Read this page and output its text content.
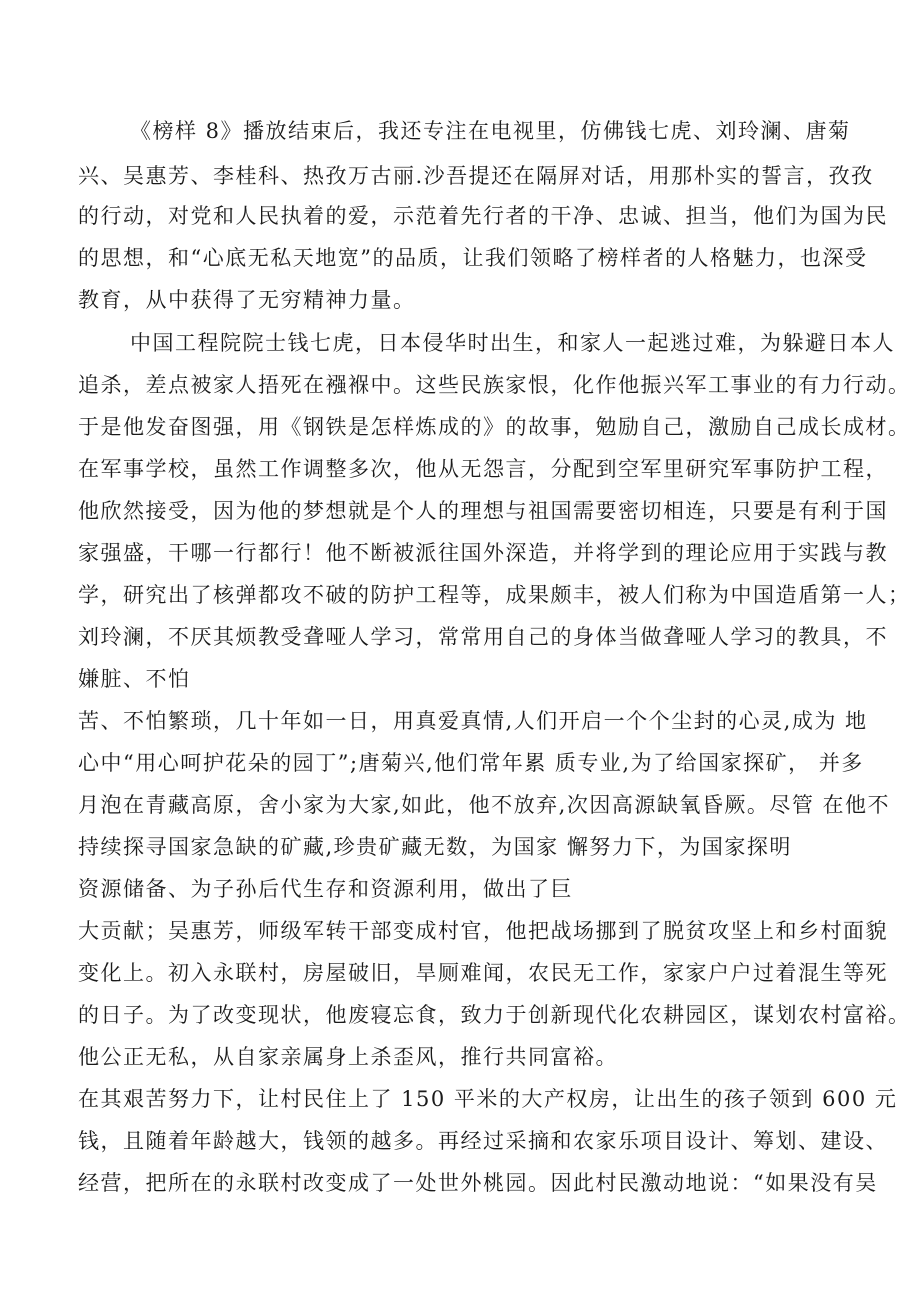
《榜样 8》播放结束后，我还专注在电视里，仿佛钱七虎、刘玲澜、唐菊
兴、吴惠芳、李桂科、热孜万古丽.沙吾提还在隔屏对话，用那朴实的誓言，孜孜
的行动，对党和人民执着的爱，示范着先行者的干净、忠诚、担当，他们为国为民
的思想，和“心底无私天地宽”的品质，让我们领略了榜样者的人格魅力，也深受
教育，从中获得了无穷精神力量。
中国工程院院士钱七虎，日本侵华时出生，和家人一起逃过难，为躲避日本人
追杀，差点被家人捂死在襁褓中。这些民族家恨，化作他振兴军工事业的有力行动。
于是他发奋图强，用《钢铁是怎样炼成的》的故事，勉励自己，激励自己成长成材。
在军事学校，虽然工作调整多次，他从无怨言，分配到空军里研究军事防护工程，
他欣然接受，因为他的梦想就是个人的理想与祖国需要密切相连，只要是有利于国
家强盛，干哪一行都行！他不断被派往国外深造，并将学到的理论应用于实践与教
学，研究出了核弹都攻不破的防护工程等，成果颇丰，被人们称为中国造盾第一人；
刘玲澜，不厌其烦教受聋哑人学习，常常用自己的身体当做聋哑人学习的教具，不
嫌脏、不怕
苦、不怕繁琐，几十年如一日，用真爱真情,人们开启一个个尘封的心灵,成为 地
心中“用心呵护花朵的园丁”;唐菊兴,他们常年累 质专业,为了给国家探矿， 并多
月泡在青藏高原，舍小家为大家,如此，他不放弃,次因高源缺氧昏厥。尽管 在他不
持续探寻国家急缺的矿藏,珍贵矿藏无数，为国家 懈努力下，为国家探明
资源储备、为子孙后代生存和资源利用，做出了巨
大贡献；吴惠芳，师级军转干部变成村官，他把战场挪到了脱贫攻坚上和乡村面貌
变化上。初入永联村，房屋破旧，旱厕难闻，农民无工作，家家户户过着混生等死
的日子。为了改变现状，他废寝忘食，致力于创新现代化农耕园区，谋划农村富裕。
他公正无私，从自家亲属身上杀歪风，推行共同富裕。
在其艰苦努力下，让村民住上了 150 平米的大产权房，让出生的孩子领到 600 元
钱，且随着年龄越大，钱领的越多。再经过采摘和农家乐项目设计、筹划、建设、
经营，把所在的永联村改变成了一处世外桃园。因此村民激动地说：“如果没有吴
